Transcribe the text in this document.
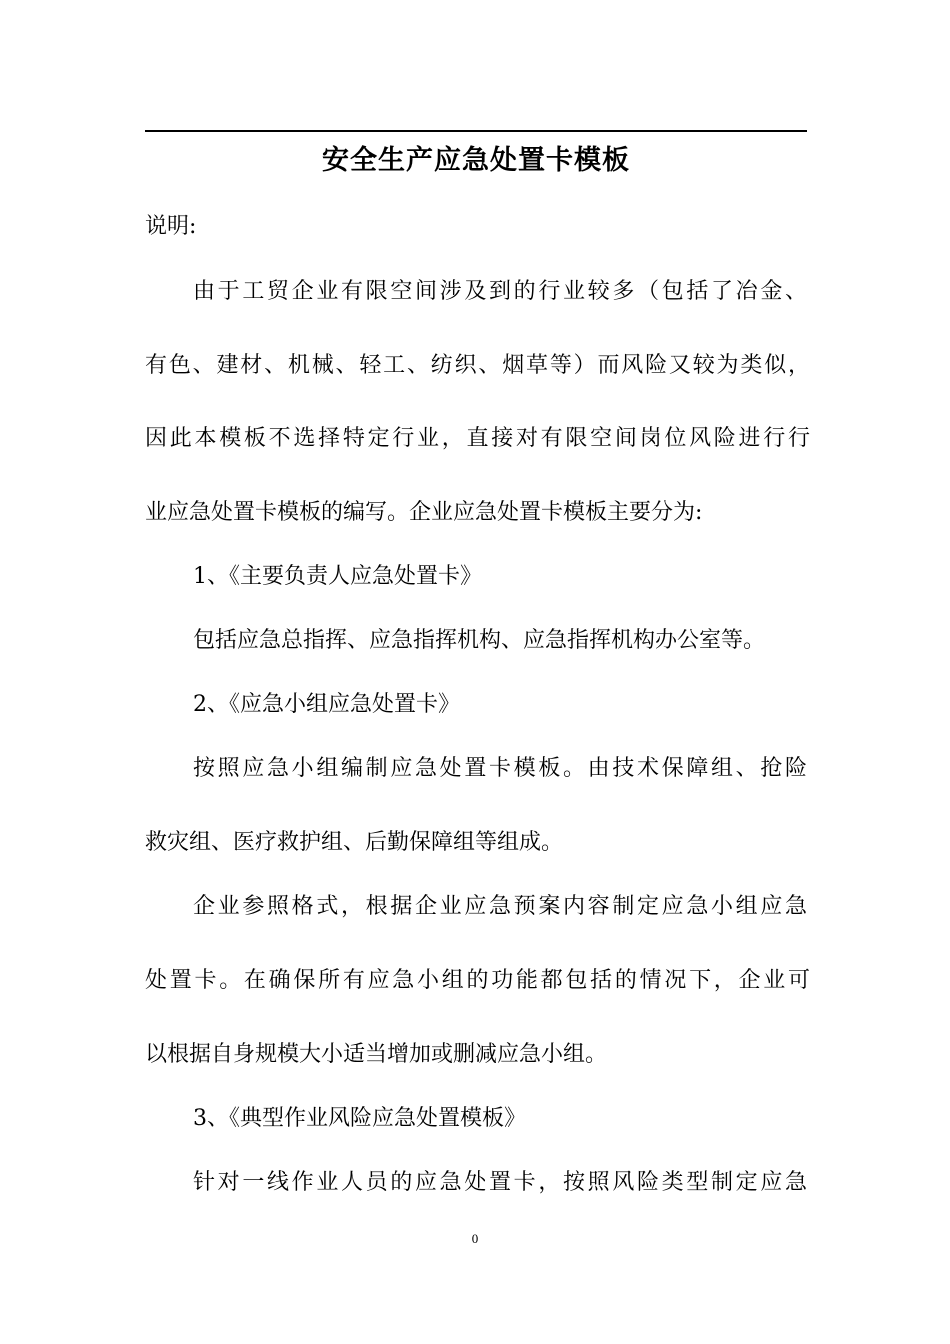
安全生产应急处置卡模板
说明:
由于工贸企业有限空间涉及到的行业较多（包括了冶金、
有色、建材、机械、轻工、纺织、烟草等）而风险又较为类似，
因此本模板不选择特定行业，直接对有限空间岗位风险进行行
业应急处置卡模板的编写。企业应急处置卡模板主要分为:
1、《主要负责人应急处置卡》
包括应急总指挥、应急指挥机构、应急指挥机构办公室等。
2、《应急小组应急处置卡》
按照应急小组编制应急处置卡模板。由技术保障组、抢险
救灾组、医疗救护组、后勤保障组等组成。
企业参照格式，根据企业应急预案内容制定应急小组应急
处置卡。在确保所有应急小组的功能都包括的情况下，企业可
以根据自身规模大小适当增加或删减应急小组。
3、《典型作业风险应急处置模板》
针对一线作业人员的应急处置卡，按照风险类型制定应急
0
